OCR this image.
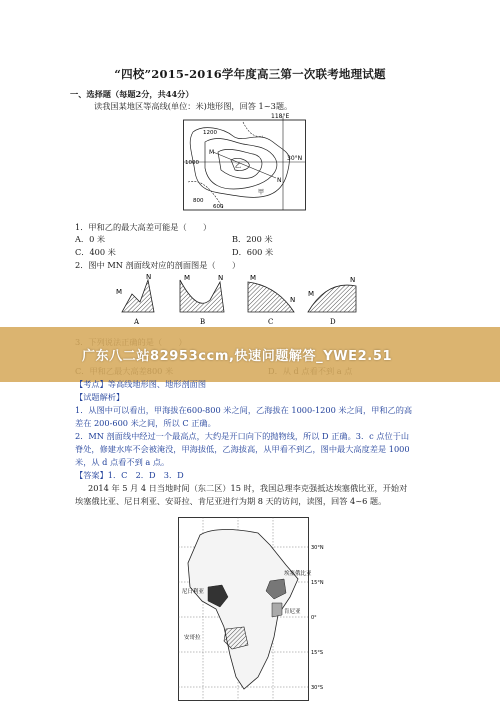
“四校”2015-2016学年度高三第一次联考地理试题
一、选择题（每题2分，共44分）
读我国某地区等高线(单位：米)地形图，回答 1~3题。
118°E
30°N
1200
1000
800
600
乙
甲
M
N
1．甲和乙的最大高差可能是（　　）
A．0 米	B．200 米
C．400 米	D．600 米
2．图中 MN 剖面线对应的剖面图是（　　）
M
N
A
M	N
B
M
N
C
M
N
D
广东八二站82953ccm,快速问题解答_YWE2.51
【考点】等高线地形图、地形剖面图
【试题解析】
1．从图中可以看出，甲海拔在600-800 米之间，乙海拔在 1000-1200 米之间，甲和乙的高
差在 200-600 米之间，所以 C 正确。
2．MN 剖面线中经过一个最高点，大约是开口向下的抛物线，所以 D 正确。3．c 点位于山
脊处，修建水库不会被淹没，甲海拔低，乙海拔高，从甲看不到乙，图中最大高度差是 1000
米，从 d 点看不到 a 点。
【答案】1．C　2．D　3．D
2014 年 5 月 4 日当地时间（东二区）15 时，我国总理李克强抵达埃塞俄比亚，开始对
埃塞俄比亚、尼日利亚、安哥拉、肯尼亚进行为期 8 天的访问，读图，回答 4~6 题。
30°N
15°N
0°
15°S
30°S
尼日利亚
安哥拉
埃塞俄比亚
肯尼亚
